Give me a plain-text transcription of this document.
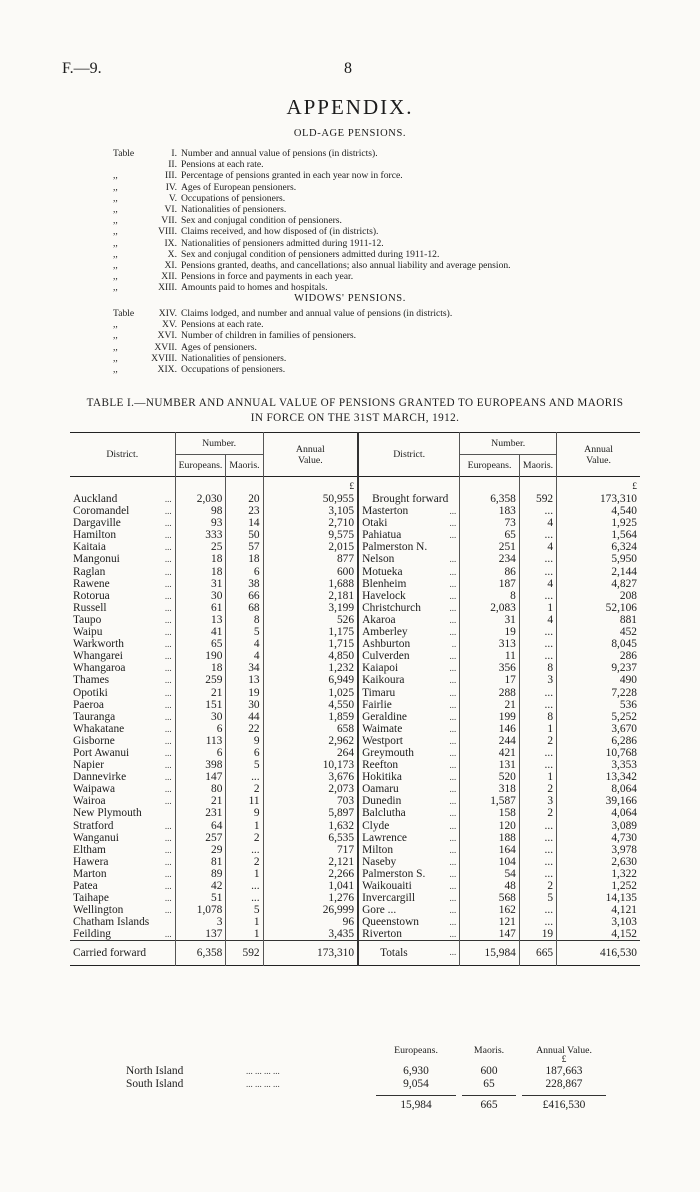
F.—9.	8
APPENDIX.
OLD-AGE PENSIONS.
Table	I. Number and annual value of pensions (in districts).
II. Pensions at each rate.
,,	III. Percentage of pensions granted in each year now in force.
,,	IV. Ages of European pensioners.
,,	V. Occupations of pensioners.
,,	VI. Nationalities of pensioners.
,,	VII. Sex and conjugal condition of pensioners.
,,	VIII. Claims received, and how disposed of (in districts).
,,	IX. Nationalities of pensioners admitted during 1911-12.
,,	X. Sex and conjugal condition of pensioners admitted during 1911-12.
,,	XI. Pensions granted, deaths, and cancellations; also annual liability and average pension.
,,	XII. Pensions in force and payments in each year.
,,	XIII. Amounts paid to homes and hospitals.
WIDOWS' PENSIONS.
Table	XIV. Claims lodged, and number and annual value of pensions (in districts).
,,	XV. Pensions at each rate.
,,	XVI. Number of children in families of pensioners.
,,	XVII. Ages of pensioners.
,,	XVIII. Nationalities of pensioners.
,,	XIX. Occupations of pensioners.
TABLE I.—NUMBER AND ANNUAL VALUE OF PENSIONS GRANTED TO EUROPEANS AND MAORIS
IN FORCE ON THE 31ST MARCH, 1912.
District.	Number.		Annual
Value.	District.	Number.		Annual
Value.
	Europeans.	Maoris.			Europeans.	Maoris.	
			£				£

Auckland ...	2,030	20	50,955	Brought forward	6,358	592	173,310

Coromandel ...	98	23	3,105	Masterton ...	183	...	4,540

Dargaville ...	93	14	2,710	Otaki ...	73	4	1,925

Hamilton ...	333	50	9,575	Pahiatua ...	65	...	1,564

Kaitaia ...	25	57	2,015	Palmerston N.	251	4	6,324

Mangonui ...	18	18	877	Nelson ...	234	...	5,950

Raglan ...	18	6	600	Motueka ...	86	...	2,144

Rawene ...	31	38	1,688	Blenheim ...	187	4	4,827

Rotorua ...	30	66	2,181	Havelock ...	8	...	208

Russell ...	61	68	3,199	Christchurch ...	2,083	1	52,106

Taupo ...	13	8	526	Akaroa ...	31	4	881

Waipu ...	41	5	1,175	Amberley ...	19	...	452

Warkworth ...	65	4	1,715	Ashburton ..	313	...	8,045

Whangarei ...	190	4	4,850	Culverden ...	11	...	286

Whangaroa ...	18	34	1,232	Kaiapoi ...	356	8	9,237

Thames ...	259	13	6,949	Kaikoura ...	17	3	490

Opotiki ...	21	19	1,025	Timaru ...	288	...	7,228

Paeroa ...	151	30	4,550	Fairlie ...	21	...	536

Tauranga ...	30	44	1,859	Geraldine ...	199	8	5,252

Whakatane ...	6	22	658	Waimate ...	146	1	3,670

Gisborne ...	113	9	2,962	Westport ...	244	2	6,286

Port Awanui ...	6	6	264	Greymouth ...	421	...	10,768

Napier ...	398	5	10,173	Reefton ...	131	...	3,353

Dannevirke ...	147	...	3,676	Hokitika ...	520	1	13,342

Waipawa ...	80	2	2,073	Oamaru ...	318	2	8,064

Wairoa ...	21	11	703	Dunedin ...	1,587	3	39,166

New Plymouth	231	9	5,897	Balclutha ...	158	2	4,064

Stratford ...	64	1	1,632	Clyde ...	120	...	3,089

Wanganui ...	257	2	6,535	Lawrence ...	188	...	4,730

Eltham ...	29	...	717	Milton ...	164	...	3,978

Hawera ...	81	2	2,121	Naseby ...	104	...	2,630

Marton ...	89	1	2,266	Palmerston S. ...	54	...	1,322

Patea ...	42	...	1,041	Waikouaiti ...	48	2	1,252

Taihape ...	51	...	1,276	Invercargill ...	568	5	14,135

Wellington ...	1,078	5	26,999	Gore ... ...	162	...	4,121

Chatham Islands	3	1	96	Queenstown ...	121	...	3,103

Feilding ...	137	1	3,435	Riverton ...	147	19	4,152
Carried forward	6,358	592	173,310	Totals ...	15,984	665	416,530
Europeans.	Maoris.	Annual Value.
£
North Island	... ... ... ...	6,930	600	187,663
South Island	... ... ... ...	9,054	65	228,867
15,984	665	£416,530
